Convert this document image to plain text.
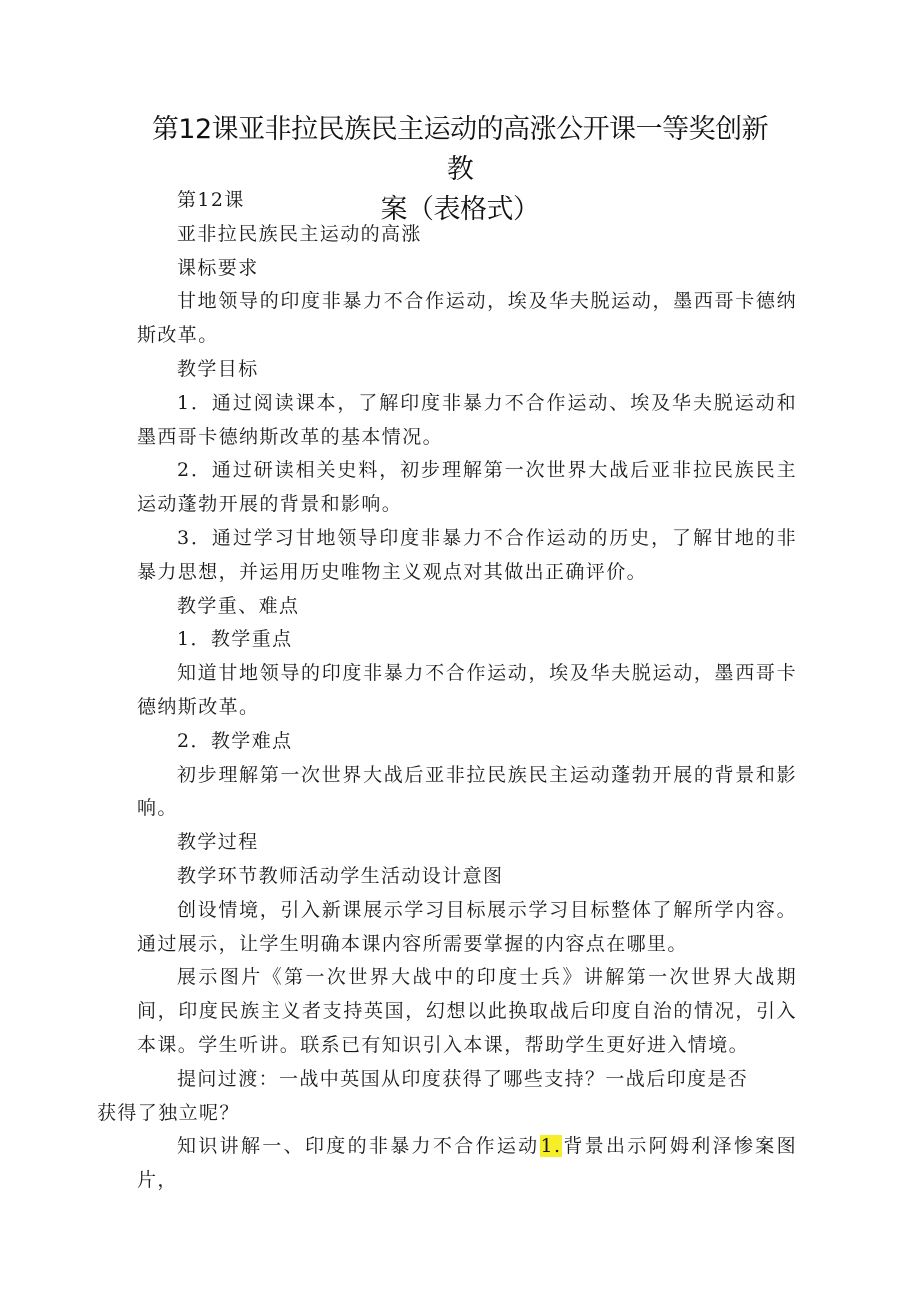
第12课亚非拉民族民主运动的高涨公开课一等奖创新教
案（表格式）

第12课

亚非拉民族民主运动的高涨

课标要求

甘地领导的印度非暴力不合作运动，埃及华夫脱运动，墨西哥卡德纳斯改革。

教学目标

1．通过阅读课本，了解印度非暴力不合作运动、埃及华夫脱运动和墨西哥卡德纳斯改革的基本情况。

2．通过研读相关史料，初步理解第一次世界大战后亚非拉民族民主运动蓬勃开展的背景和影响。

3．通过学习甘地领导印度非暴力不合作运动的历史，了解甘地的非暴力思想，并运用历史唯物主义观点对其做出正确评价。

教学重、难点

1．教学重点

知道甘地领导的印度非暴力不合作运动，埃及华夫脱运动，墨西哥卡德纳斯改革。

2．教学难点

初步理解第一次世界大战后亚非拉民族民主运动蓬勃开展的背景和影响。

教学过程

教学环节教师活动学生活动设计意图

创设情境，引入新课展示学习目标展示学习目标整体了解所学内容。通过展示，让学生明确本课内容所需要掌握的内容点在哪里。

展示图片《第一次世界大战中的印度士兵》讲解第一次世界大战期间，印度民族主义者支持英国，幻想以此换取战后印度自治的情况，引入本课。学生听讲。联系已有知识引入本课，帮助学生更好进入情境。

提问过渡：一战中英国从印度获得了哪些支持？一战后印度是否
获得了独立呢？

知识讲解一、印度的非暴力不合作运动1.背景出示阿姆利泽惨案图片，
